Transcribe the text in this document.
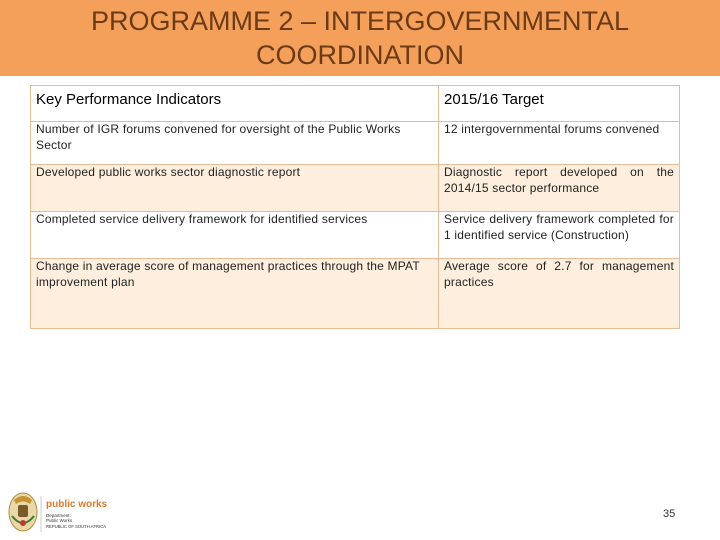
PROGRAMME 2 – INTERGOVERNMENTAL
COORDINATION
Key Performance Indicators	2015/16 Target
Number of IGR forums convened for oversight of the Public Works Sector	12 intergovernmental forums convened
Developed public works sector diagnostic report	Diagnostic report developed on the 2014/15 sector performance
Completed service delivery framework for identified services	Service delivery framework completed for 1 identified service (Construction)
Change in average score of management practices through the MPAT improvement plan	Average score of 2.7 for management practices
public works
Department:
Public Works
REPUBLIC OF SOUTH AFRICA
35
